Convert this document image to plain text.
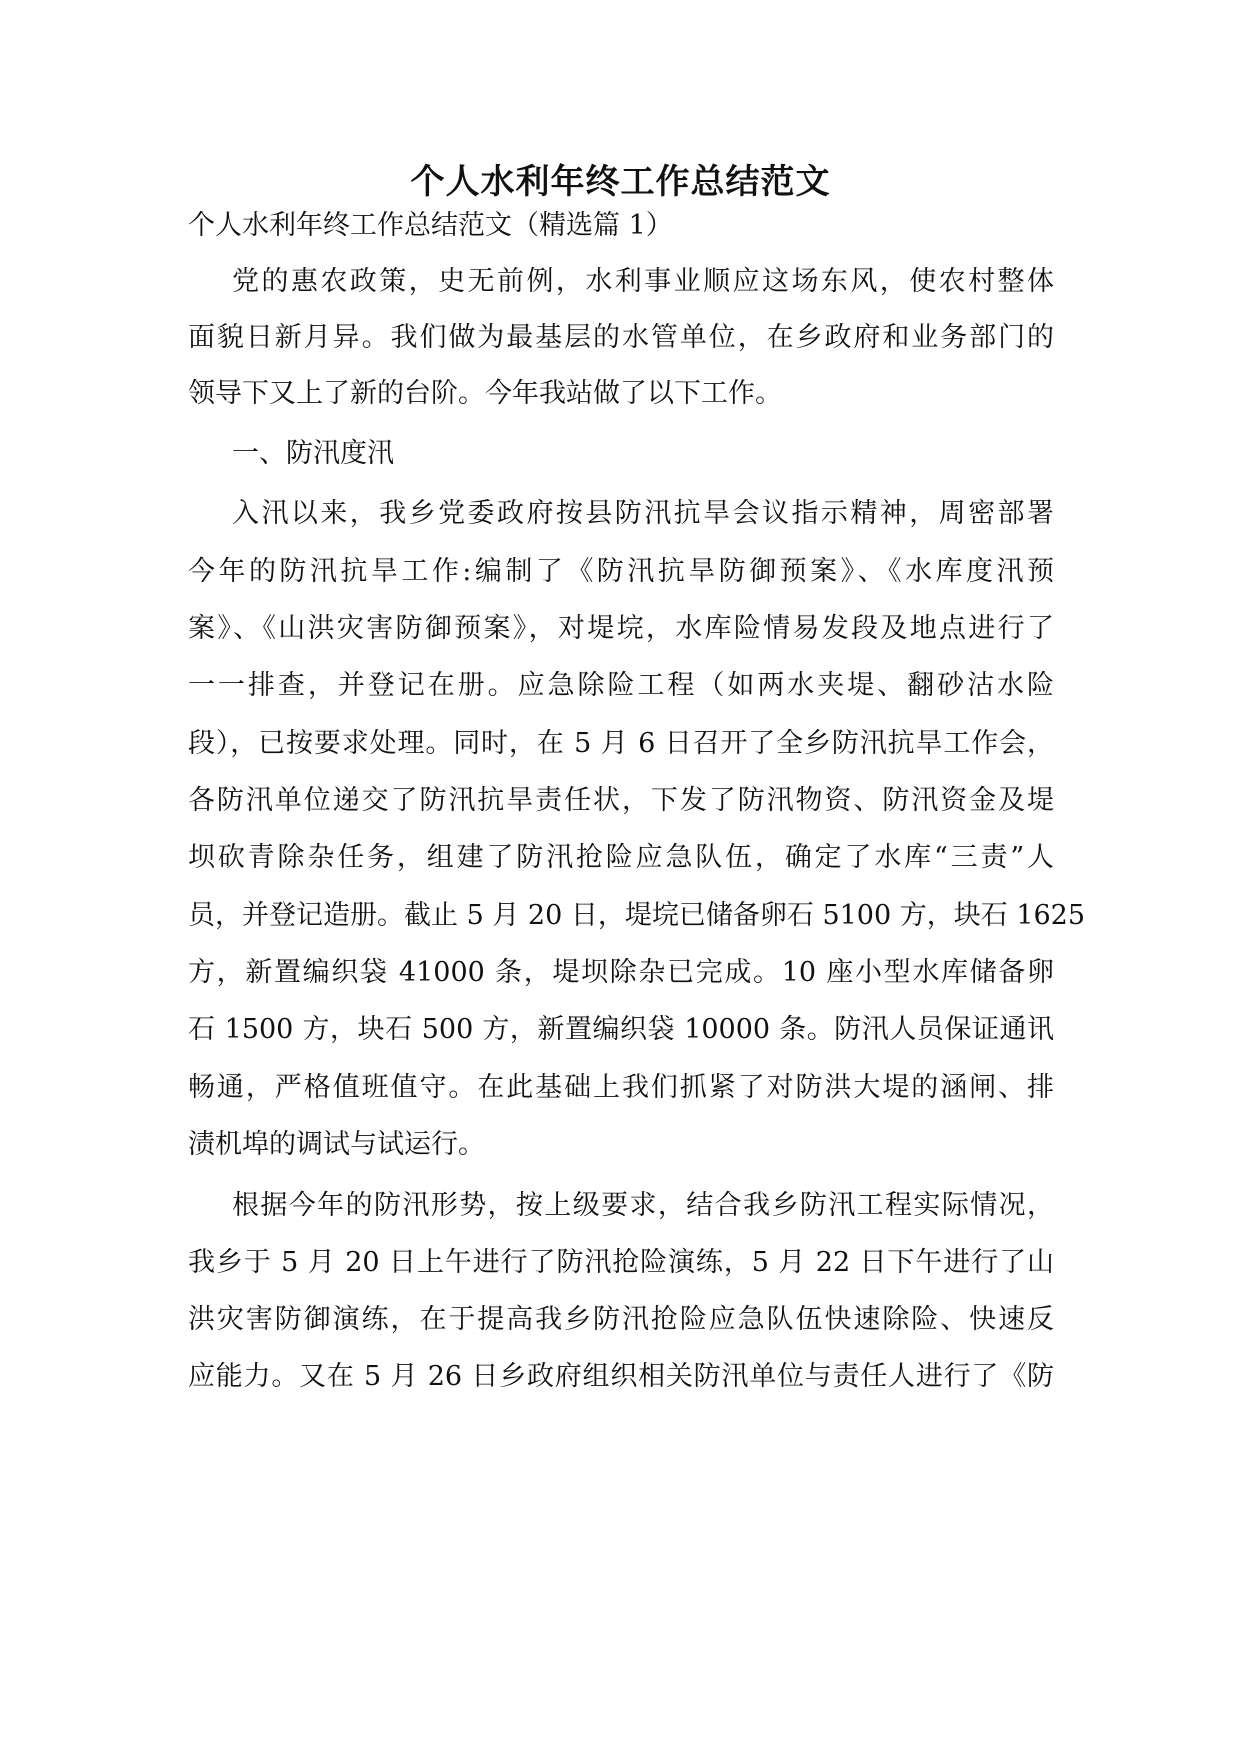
个人水利年终工作总结范文
个人水利年终工作总结范文（精选篇 1）
党的惠农政策，史无前例，水利事业顺应这场东风，使农村整体
面貌日新月异。我们做为最基层的水管单位，在乡政府和业务部门的
领导下又上了新的台阶。今年我站做了以下工作。
一、防汛度汛
入汛以来，我乡党委政府按县防汛抗旱会议指示精神，周密部署
今年的防汛抗旱工作:编制了《防汛抗旱防御预案》、《水库度汛预
案》、《山洪灾害防御预案》，对堤垸，水库险情易发段及地点进行了
一一排查，并登记在册。应急除险工程（如两水夹堤、翻砂沽水险
段），已按要求处理。同时，在 5 月 6 日召开了全乡防汛抗旱工作会，
各防汛单位递交了防汛抗旱责任状，下发了防汛物资、防汛资金及堤
坝砍青除杂任务，组建了防汛抢险应急队伍，确定了水库“三责”人
员，并登记造册。截止 5 月 20 日，堤垸已储备卵石 5100 方，块石 1625
方，新置编织袋 41000 条，堤坝除杂已完成。10 座小型水库储备卵
石 1500 方，块石 500 方，新置编织袋 10000 条。防汛人员保证通讯
畅通，严格值班值守。在此基础上我们抓紧了对防洪大堤的涵闸、排
渍机埠的调试与试运行。
根据今年的防汛形势，按上级要求，结合我乡防汛工程实际情况，
我乡于 5 月 20 日上午进行了防汛抢险演练，5 月 22 日下午进行了山
洪灾害防御演练，在于提高我乡防汛抢险应急队伍快速除险、快速反
应能力。又在 5 月 26 日乡政府组织相关防汛单位与责任人进行了《防
